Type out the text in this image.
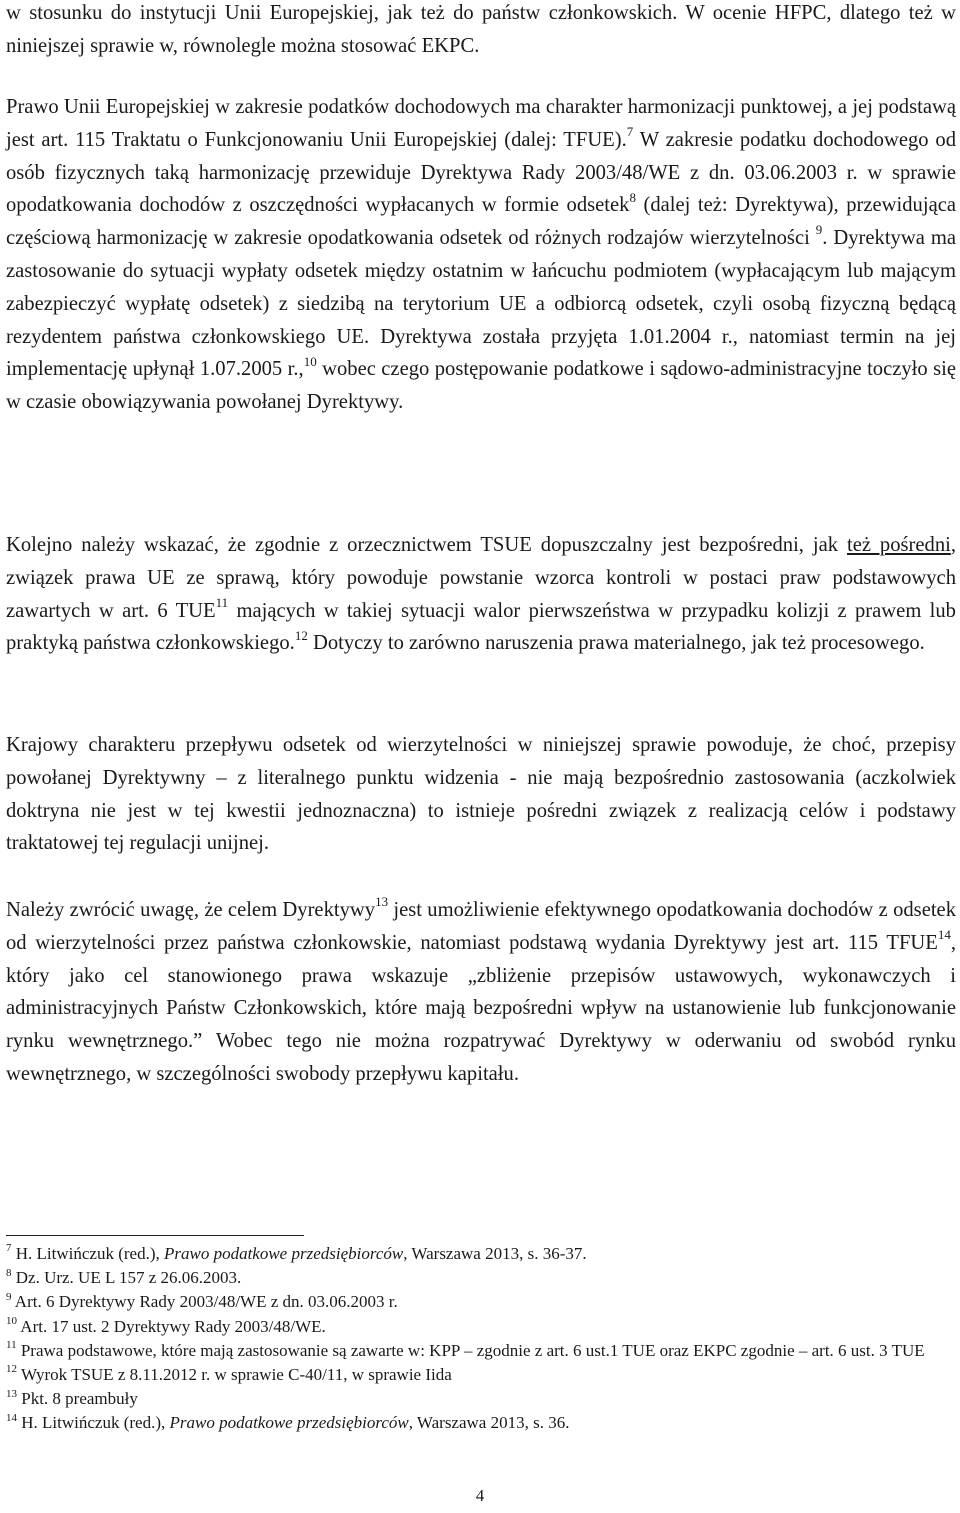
w stosunku do instytucji Unii Europejskiej, jak też do państw członkowskich. W ocenie HFPC, dlatego też w niniejszej sprawie w, równolegle można stosować EKPC.

Prawo Unii Europejskiej w zakresie podatków dochodowych ma charakter harmonizacji punktowej, a jej podstawą jest art. 115 Traktatu o Funkcjonowaniu Unii Europejskiej (dalej: TFUE).$^7$ W zakresie podatku dochodowego od osób fizycznych taką harmonizację przewiduje Dyrektywa Rady 2003/48/WE z dn. 03.06.2003 r. w sprawie opodatkowania dochodów z oszczędności wypłacanych w formie odsetek$^8$ (dalej też: Dyrektywa), przewidująca częściową harmonizację w zakresie opodatkowania odsetek od różnych rodzajów wierzytelności $^9$. Dyrektywa ma zastosowanie do sytuacji wypłaty odsetek między ostatnim w łańcuchu podmiotem (wypłacającym lub mającym zabezpieczyć wypłatę odsetek) z siedzibą na terytorium UE a odbiorcą odsetek, czyli osobą fizyczną będącą rezydentem państwa członkowskiego UE. Dyrektywa została przyjęta 1.01.2004 r., natomiast termin na jej implementację upłynął 1.07.2005 r.,$^{10}$ wobec czego postępowanie podatkowe i sądowo-administracyjne toczyło się w czasie obowiązywania powołanej Dyrektywy.

Kolejno należy wskazać, że zgodnie z orzecznictwem TSUE dopuszczalny jest bezpośredni, jak też pośredni, związek prawa UE ze sprawą, który powoduje powstanie wzorca kontroli w postaci praw podstawowych zawartych w art. 6 TUE$^{11}$ mających w takiej sytuacji walor pierwszeństwa w przypadku kolizji z prawem lub praktyką państwa członkowskiego.$^{12}$ Dotyczy to zarówno naruszenia prawa materialnego, jak też procesowego.

Krajowy charakteru przepływu odsetek od wierzytelności w niniejszej sprawie powoduje, że choć, przepisy powołanej Dyrektywny – z literalnego punktu widzenia - nie mają bezpośrednio zastosowania (aczkolwiek doktryna nie jest w tej kwestii jednoznaczna) to istnieje pośredni związek z realizacją celów i podstawy traktatowej tej regulacji unijnej.

Należy zwrócić uwagę, że celem Dyrektywy$^{13}$ jest umożliwienie efektywnego opodatkowania dochodów z odsetek od wierzytelności przez państwa członkowskie, natomiast podstawą wydania Dyrektywy jest art. 115 TFUE$^{14}$, który jako cel stanowionego prawa wskazuje „zbliżenie przepisów ustawowych, wykonawczych i administracyjnych Państw Członkowskich, które mają bezpośredni wpływ na ustanowienie lub funkcjonowanie rynku wewnętrznego.” Wobec tego nie można rozpatrywać Dyrektywy w oderwaniu od swobód rynku wewnętrznego, w szczególności swobody przepływu kapitału.

$^7$ H. Litwińczuk (red.), Prawo podatkowe przedsiębiorców, Warszawa 2013, s. 36-37.

$^8$ Dz. Urz. UE L 157 z 26.06.2003.

$^9$ Art. 6 Dyrektywy Rady 2003/48/WE z dn. 03.06.2003 r.

$^{10}$ Art. 17 ust. 2 Dyrektywy Rady 2003/48/WE.

$^{11}$ Prawa podstawowe, które mają zastosowanie są zawarte w: KPP – zgodnie z art. 6 ust.1 TUE oraz EKPC zgodnie – art. 6 ust. 3 TUE

$^{12}$ Wyrok TSUE z 8.11.2012 r. w sprawie C-40/11, w sprawie Iida

$^{13}$ Pkt. 8 preambuły

$^{14}$ H. Litwińczuk (red.), Prawo podatkowe przedsiębiorców, Warszawa 2013, s. 36.

4
